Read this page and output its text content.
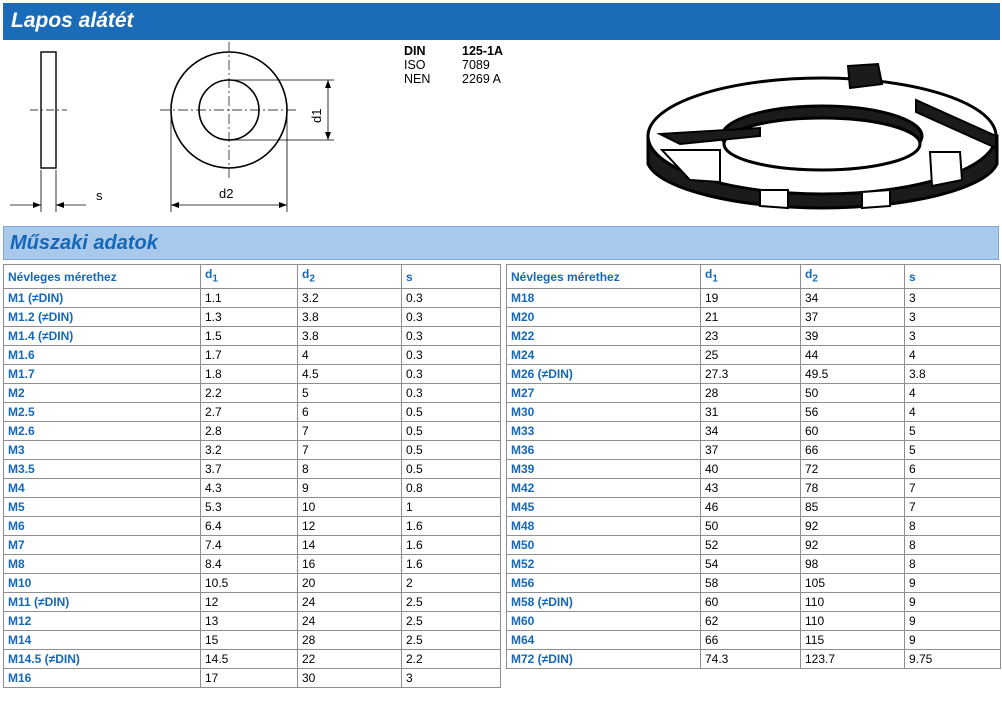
Lapos alátét
s
d1
d2
DIN	125-1A
ISO	7089
NEN	2269 A
Műszaki adatok
Névleges mérethez	$d_1$	$d_2$	s
M1 (≠DIN)	1.1	3.2	0.3
M1.2 (≠DIN)	1.3	3.8	0.3
M1.4 (≠DIN)	1.5	3.8	0.3
M1.6	1.7	4	0.3
M1.7	1.8	4.5	0.3
M2	2.2	5	0.3
M2.5	2.7	6	0.5
M2.6	2.8	7	0.5
M3	3.2	7	0.5
M3.5	3.7	8	0.5
M4	4.3	9	0.8
M5	5.3	10	1
M6	6.4	12	1.6
M7	7.4	14	1.6
M8	8.4	16	1.6
M10	10.5	20	2
M11 (≠DIN)	12	24	2.5
M12	13	24	2.5
M14	15	28	2.5
M14.5 (≠DIN)	14.5	22	2.2
M16	17	30	3
Névleges mérethez	$d_1$	$d_2$	s
M18	19	34	3
M20	21	37	3
M22	23	39	3
M24	25	44	4
M26 (≠DIN)	27.3	49.5	3.8
M27	28	50	4
M30	31	56	4
M33	34	60	5
M36	37	66	5
M39	40	72	6
M42	43	78	7
M45	46	85	7
M48	50	92	8
M50	52	92	8
M52	54	98	8
M56	58	105	9
M58 (≠DIN)	60	110	9
M60	62	110	9
M64	66	115	9
M72 (≠DIN)	74.3	123.7	9.75
